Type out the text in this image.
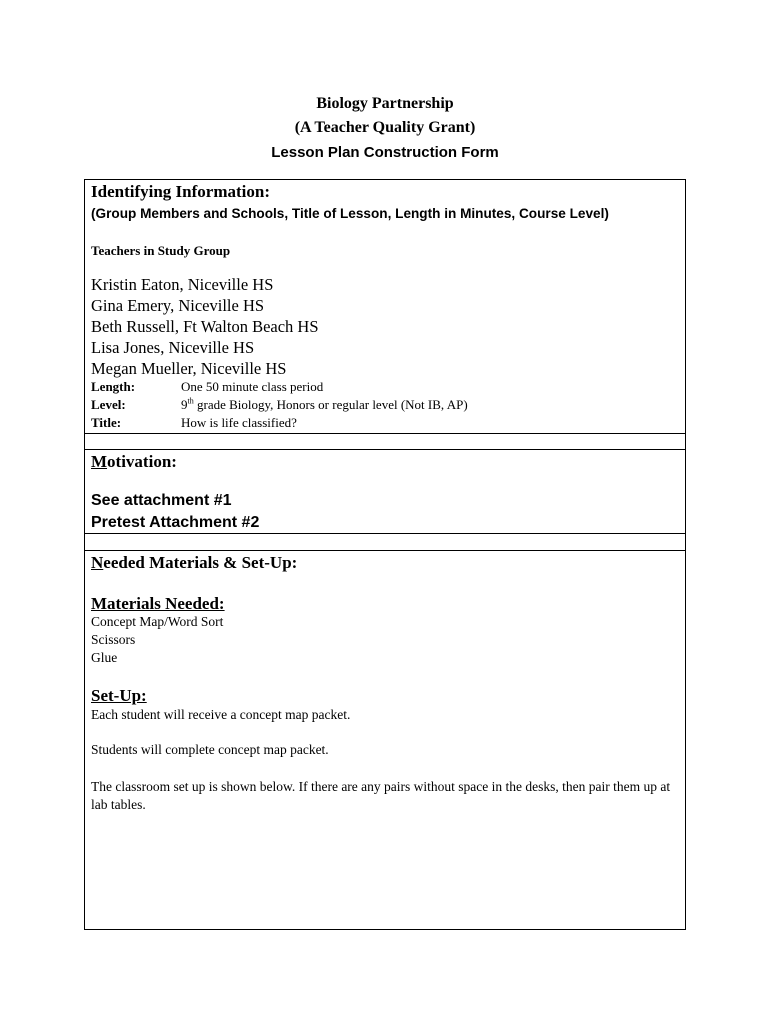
Biology Partnership
(A Teacher Quality Grant)
Lesson Plan Construction Form
Identifying Information:
(Group Members and Schools, Title of Lesson, Length in Minutes, Course Level)
Teachers in Study Group
Kristin Eaton, Niceville HS
Gina Emery, Niceville HS
Beth Russell, Ft Walton Beach HS
Lisa Jones, Niceville HS
Megan Mueller, Niceville HS
Length:	One 50 minute class period
Level:	9th grade Biology, Honors or regular level (Not IB, AP)
Title:	How is life classified?
Motivation:
See attachment #1
Pretest Attachment #2
Needed Materials & Set-Up:
Materials Needed:
Concept Map/Word Sort
Scissors
Glue
Set-Up:
Each student will receive a concept map packet.
Students will complete concept map packet.
The classroom set up is shown below. If there are any pairs without space in the desks, then pair them up at lab tables.
